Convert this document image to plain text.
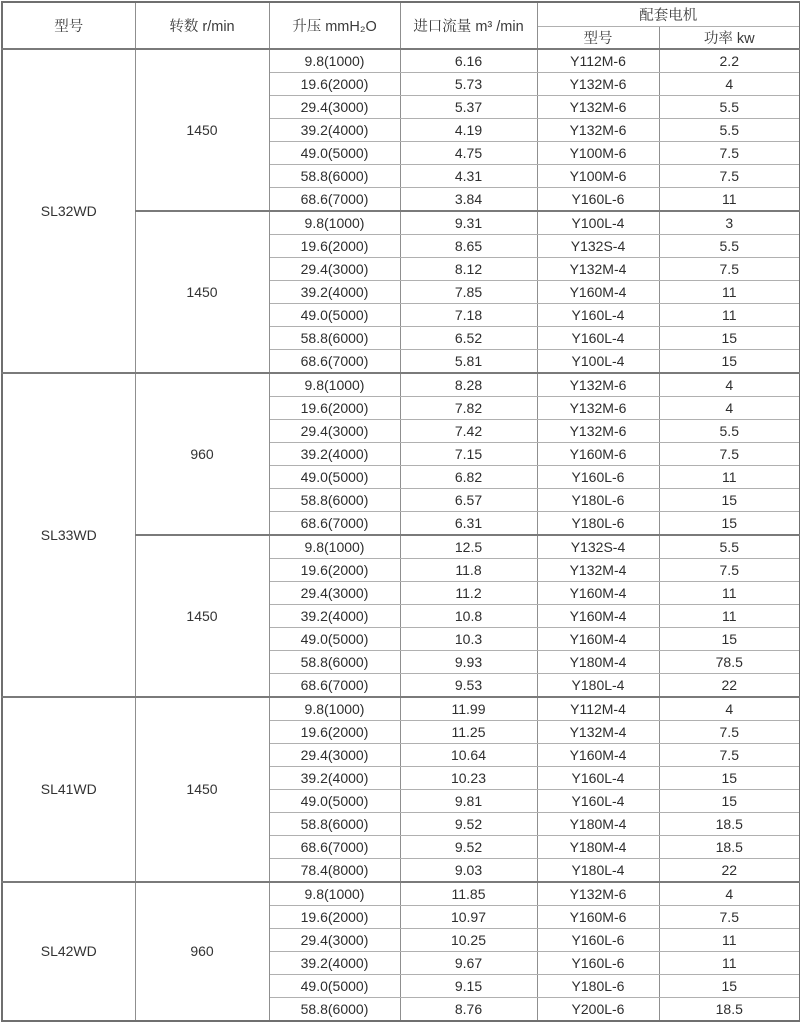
型号	转数 r/min	升压 mmH₂O	进口流量 m³ /min	配套电机	
				型号	功率 kw
SL32WD	1450	9.8(1000)	6.16	Y112M-6	2.2
		19.6(2000)	5.73	Y132M-6	4
		29.4(3000)	5.37	Y132M-6	5.5
		39.2(4000)	4.19	Y132M-6	5.5
		49.0(5000)	4.75	Y100M-6	7.5
		58.8(6000)	4.31	Y100M-6	7.5
		68.6(7000)	3.84	Y160L-6	11
	1450	9.8(1000)	9.31	Y100L-4	3
		19.6(2000)	8.65	Y132S-4	5.5
		29.4(3000)	8.12	Y132M-4	7.5
		39.2(4000)	7.85	Y160M-4	11
		49.0(5000)	7.18	Y160L-4	11
		58.8(6000)	6.52	Y160L-4	15
		68.6(7000)	5.81	Y100L-4	15
SL33WD	960	9.8(1000)	8.28	Y132M-6	4
		19.6(2000)	7.82	Y132M-6	4
		29.4(3000)	7.42	Y132M-6	5.5
		39.2(4000)	7.15	Y160M-6	7.5
		49.0(5000)	6.82	Y160L-6	11
		58.8(6000)	6.57	Y180L-6	15
		68.6(7000)	6.31	Y180L-6	15
	1450	9.8(1000)	12.5	Y132S-4	5.5
		19.6(2000)	11.8	Y132M-4	7.5
		29.4(3000)	11.2	Y160M-4	11
		39.2(4000)	10.8	Y160M-4	11
		49.0(5000)	10.3	Y160M-4	15
		58.8(6000)	9.93	Y180M-4	78.5
		68.6(7000)	9.53	Y180L-4	22
SL41WD	1450	9.8(1000)	11.99	Y112M-4	4
		19.6(2000)	11.25	Y132M-4	7.5
		29.4(3000)	10.64	Y160M-4	7.5
		39.2(4000)	10.23	Y160L-4	15
		49.0(5000)	9.81	Y160L-4	15
		58.8(6000)	9.52	Y180M-4	18.5
		68.6(7000)	9.52	Y180M-4	18.5
		78.4(8000)	9.03	Y180L-4	22
SL42WD	960	9.8(1000)	11.85	Y132M-6	4
		19.6(2000)	10.97	Y160M-6	7.5
		29.4(3000)	10.25	Y160L-6	11
		39.2(4000)	9.67	Y160L-6	11
		49.0(5000)	9.15	Y180L-6	15
		58.8(6000)	8.76	Y200L-6	18.5
